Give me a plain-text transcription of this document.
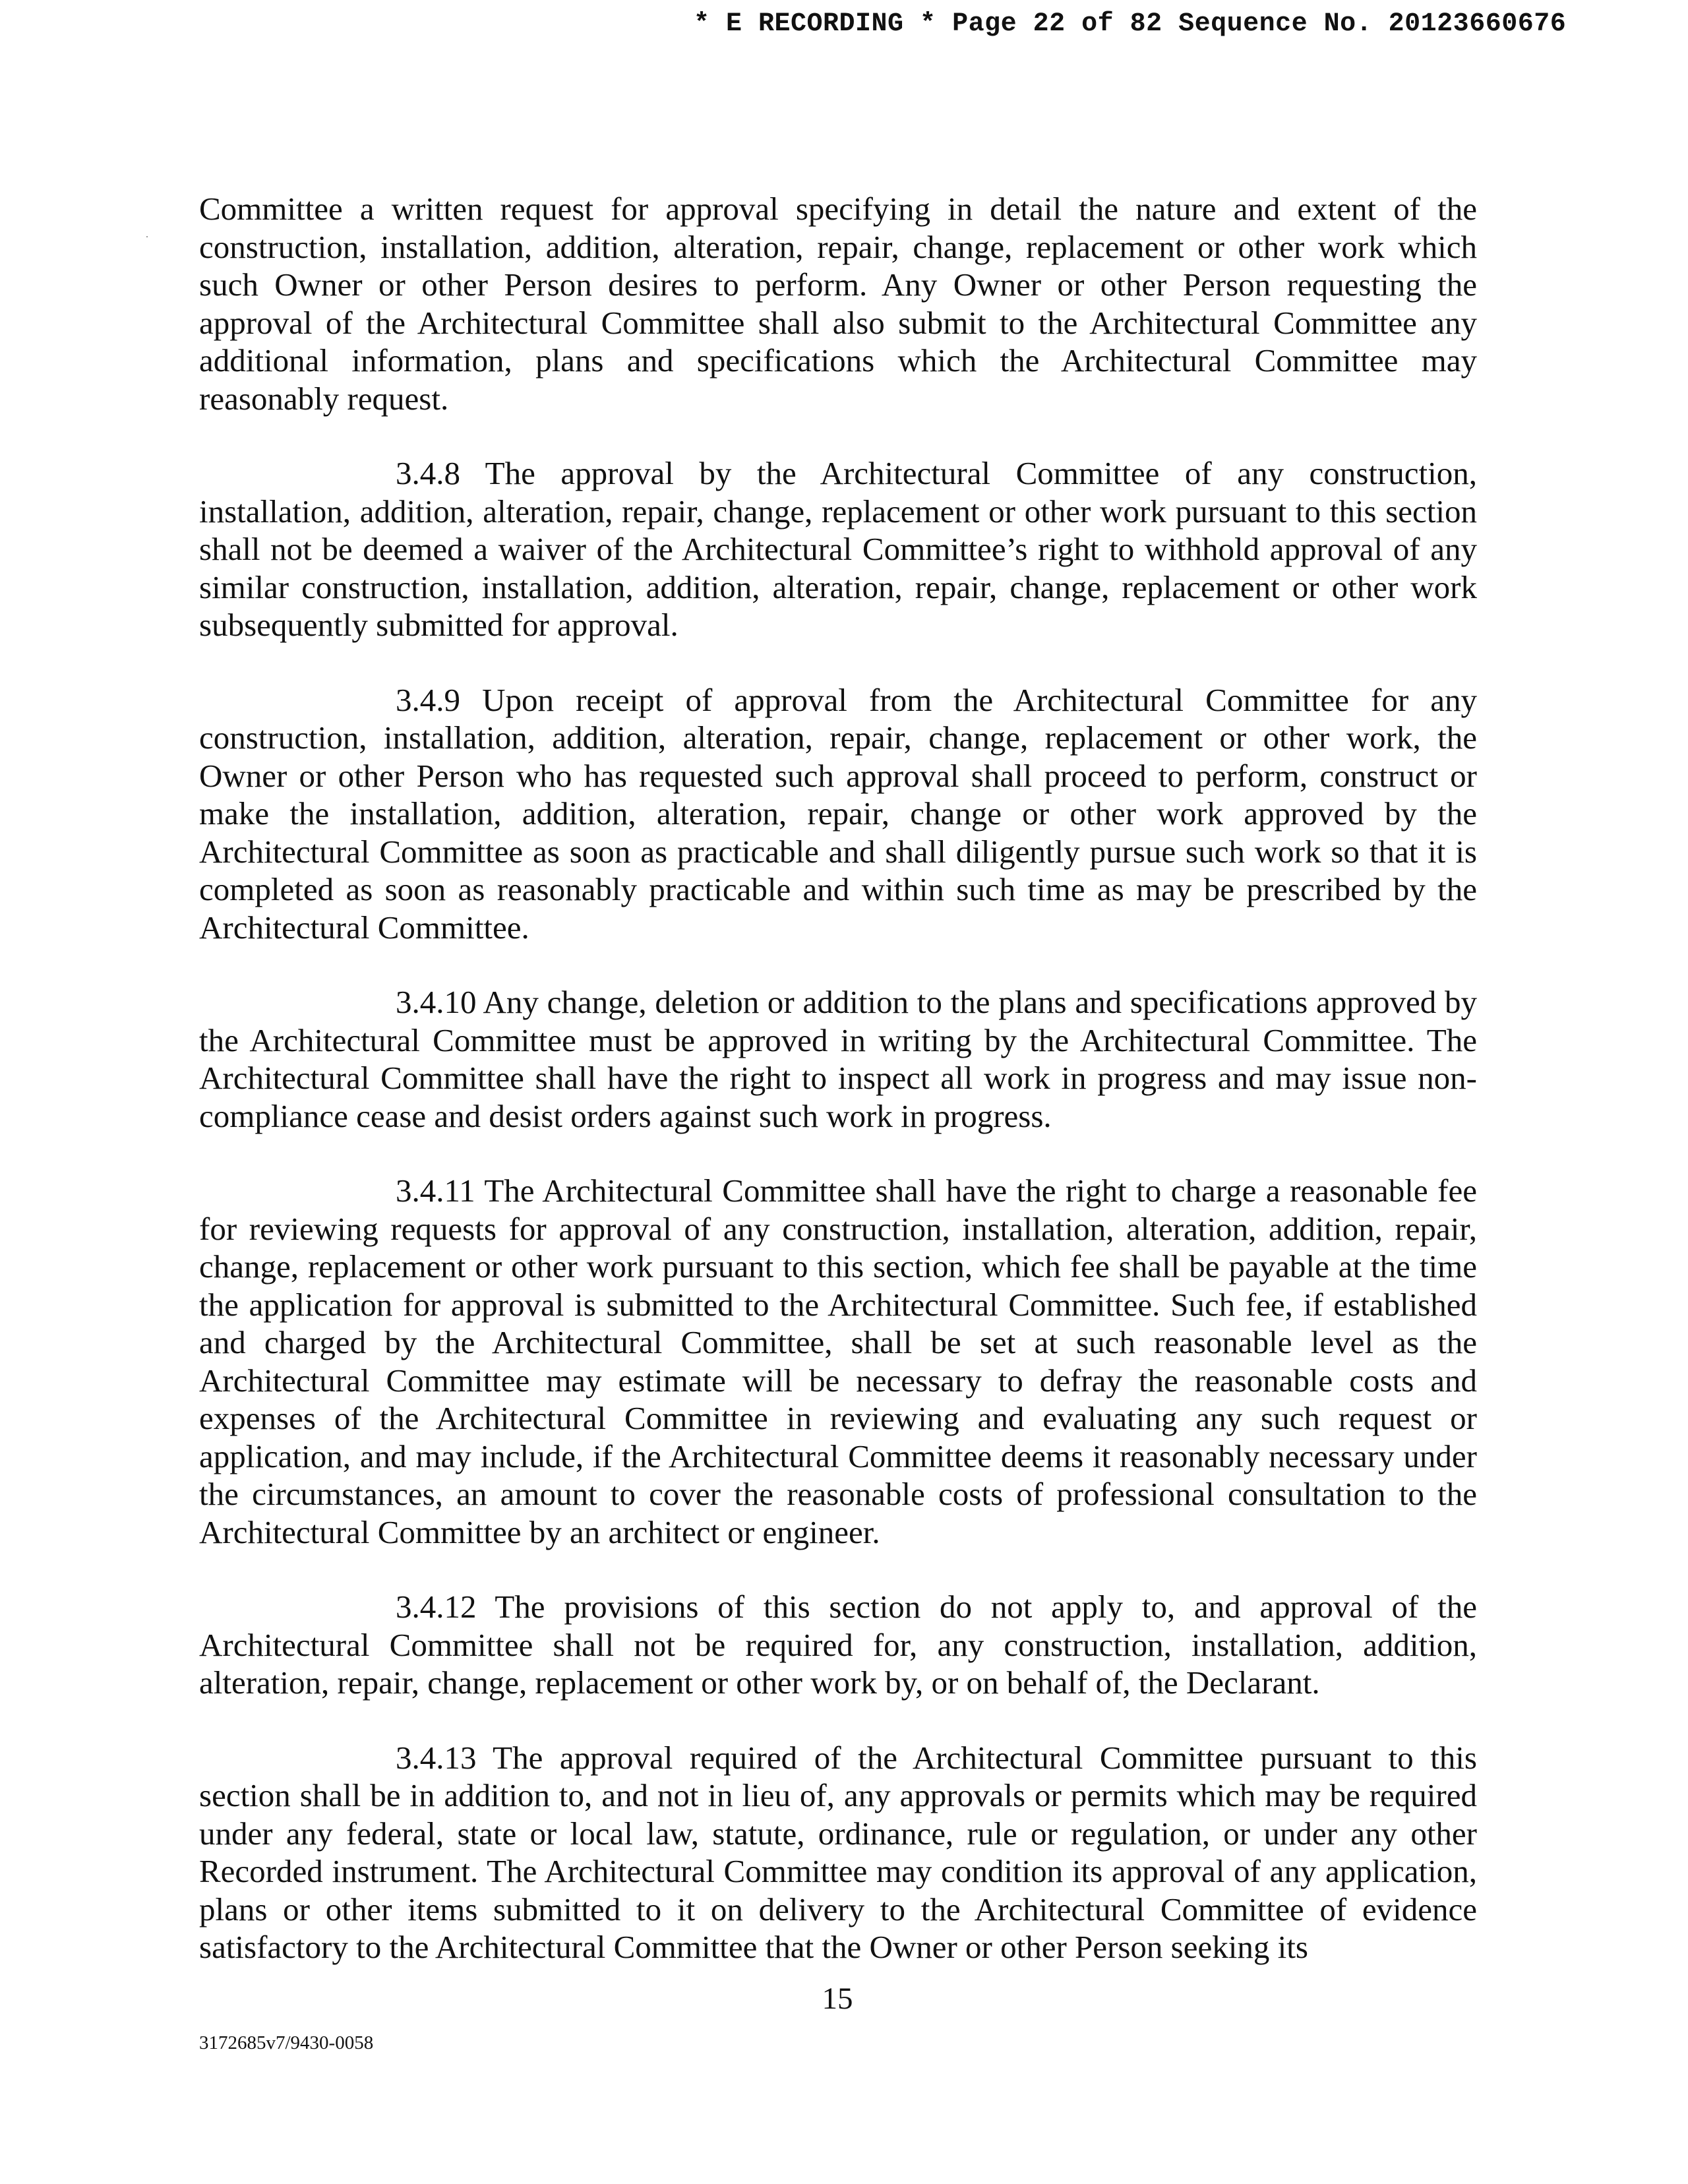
* E RECORDING * Page 22 of 82 Sequence No. 20123660676

Committee a written request for approval specifying in detail the nature and extent of the construction, installation, addition, alteration, repair, change, replacement or other work which such Owner or other Person desires to perform. Any Owner or other Person requesting the approval of the Architectural Committee shall also submit to the Architectural Committee any additional information, plans and specifications which the Architectural Committee may reasonably request.

3.4.8 The approval by the Architectural Committee of any construction, installation, addition, alteration, repair, change, replacement or other work pursuant to this section shall not be deemed a waiver of the Architectural Committee’s right to withhold approval of any similar construction, installation, addition, alteration, repair, change, replacement or other work subsequently submitted for approval.

3.4.9 Upon receipt of approval from the Architectural Committee for any construction, installation, addition, alteration, repair, change, replacement or other work, the Owner or other Person who has requested such approval shall proceed to perform, construct or make the installation, addition, alteration, repair, change or other work approved by the Architectural Committee as soon as practicable and shall diligently pursue such work so that it is completed as soon as reasonably practicable and within such time as may be prescribed by the Architectural Committee.

3.4.10 Any change, deletion or addition to the plans and specifications approved by the Architectural Committee must be approved in writing by the Architectural Committee. The Architectural Committee shall have the right to inspect all work in progress and may issue non-compliance cease and desist orders against such work in progress.

3.4.11 The Architectural Committee shall have the right to charge a reasonable fee for reviewing requests for approval of any construction, installation, alteration, addition, repair, change, replacement or other work pursuant to this section, which fee shall be payable at the time the application for approval is submitted to the Architectural Committee. Such fee, if established and charged by the Architectural Committee, shall be set at such reasonable level as the Architectural Committee may estimate will be necessary to defray the reasonable costs and expenses of the Architectural Committee in reviewing and evaluating any such request or application, and may include, if the Architectural Committee deems it reasonably necessary under the circumstances, an amount to cover the reasonable costs of professional consultation to the Architectural Committee by an architect or engineer.

3.4.12 The provisions of this section do not apply to, and approval of the Architectural Committee shall not be required for, any construction, installation, addition, alteration, repair, change, replacement or other work by, or on behalf of, the Declarant.

3.4.13 The approval required of the Architectural Committee pursuant to this section shall be in addition to, and not in lieu of, any approvals or permits which may be required under any federal, state or local law, statute, ordinance, rule or regulation, or under any other Recorded instrument. The Architectural Committee may condition its approval of any application, plans or other items submitted to it on delivery to the Architectural Committee of evidence satisfactory to the Architectural Committee that the Owner or other Person seeking its

15
3172685v7/9430-0058
